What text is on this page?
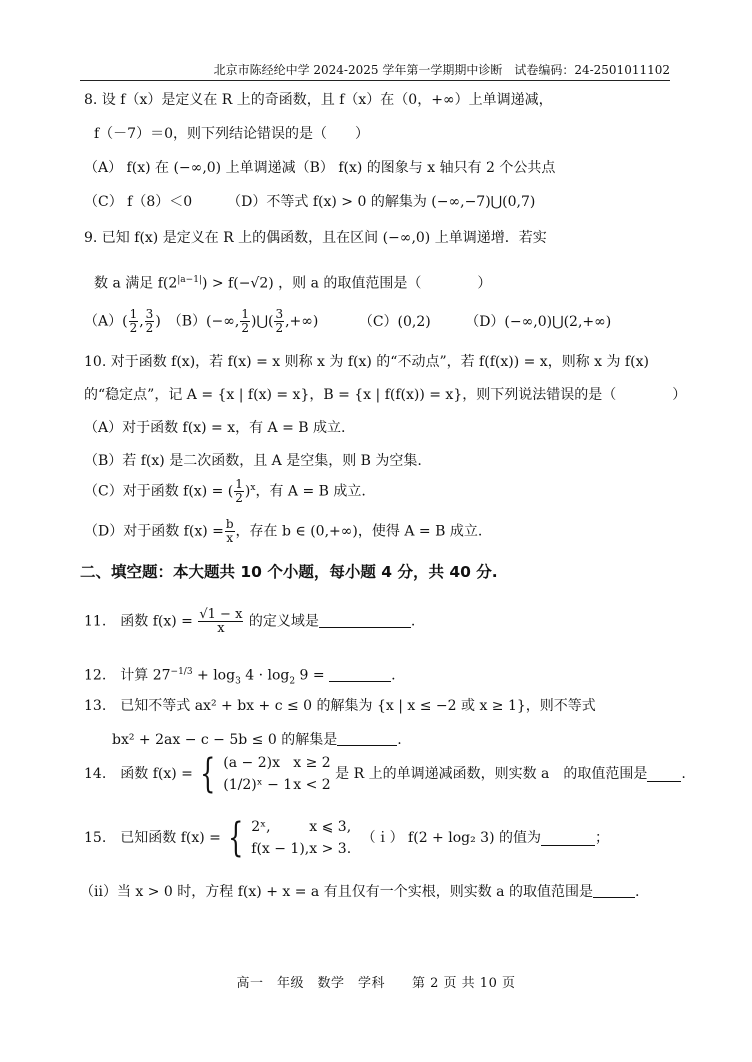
北京市陈经纶中学 2024-2025 学年第一学期期中诊断　试卷编码：24-2501011102
8. 设 f（x）是定义在 R 上的奇函数，且 f（x）在（0，+∞）上单调递减，
f（－7）＝0，则下列结论错误的是（　　）
（A） f(x) 在 (−∞,0) 上单调递减（B） f(x) 的图象与 x 轴只有 2 个公共点
（C） f（8）＜0　　　（D）不等式 f(x) > 0 的解集为 (−∞,−7)⋃(0,7)
9. 已知 f(x) 是定义在 R 上的偶函数，且在区间 (−∞,0) 上单调递增．若实
数 a 满足 $f(2^{|a-1|}) > f(-√2)$ ，则 a 的取值范围是（　　　　）
$(A)( \frac{1}{2}$ , $\frac{3}{2}$ )　（B）(−∞, $\frac{1}{2}$ )⋃( $\frac{3}{2}$ ,+∞)	（C）(0,2) （D）(−∞,0)⋃(2,+∞)
10. 对于函数 f(x)，若 f(x) = x 则称 x 为 f(x) 的“不动点”，若 f(f(x)) = x，则称 x 为 f(x)
的“稳定点”，记 A = {x | f(x) = x}，B = {x | f(f(x)) = x}，则下列说法错误的是（　　　　）
（A）对于函数 f(x) = x，有 A = B 成立.
（B）若 f(x) 是二次函数，且 A 是空集，则 B 为空集.
（C）对于函数 f(x) = ( $\frac{1}{2} )^x$，有 A = B 成立.
（D）对于函数 $f(x) = \frac{b}{x}$ ，存在 b ∈ (0,+∞)，使得 A = B 成立.
二、填空题：本大题共 10 个小题，每小题 4 分，共 40 分.
11.　函数 $f(x) = \frac{√1 - x}{x}$ 的定义域是	.
12.　计算 $27^{-1/3} + \log_3 4 \cdot \log_2 9$ =	.
13.　已知不等式 ax² + bx + c ≤ 0 的解集为 {x | x ≤ −2 或 x ≥ 1}，则不等式
bx² + 2ax − c − 5b ≤ 0 的解集是	.
14.　函数 f(x) = { (a − 2)x x ≥ 2
(1/2)ˣ − 1x < 2
是 R 上的单调递减函数，则实数 a　的取值范围是 .
15.　已知函数 f(x) = { 2ˣ,	x ⩽ 3,
f(x − 1),x > 3.
（ｉ） f(2 + log₂ 3) 的值为	；
（ⅱ）当 x > 0 时，方程 f(x) + x = a 有且仅有一个实根，则实数 a 的取值范围是	.
高一　年级　数学　学科　　第 2 页 共 10 页
